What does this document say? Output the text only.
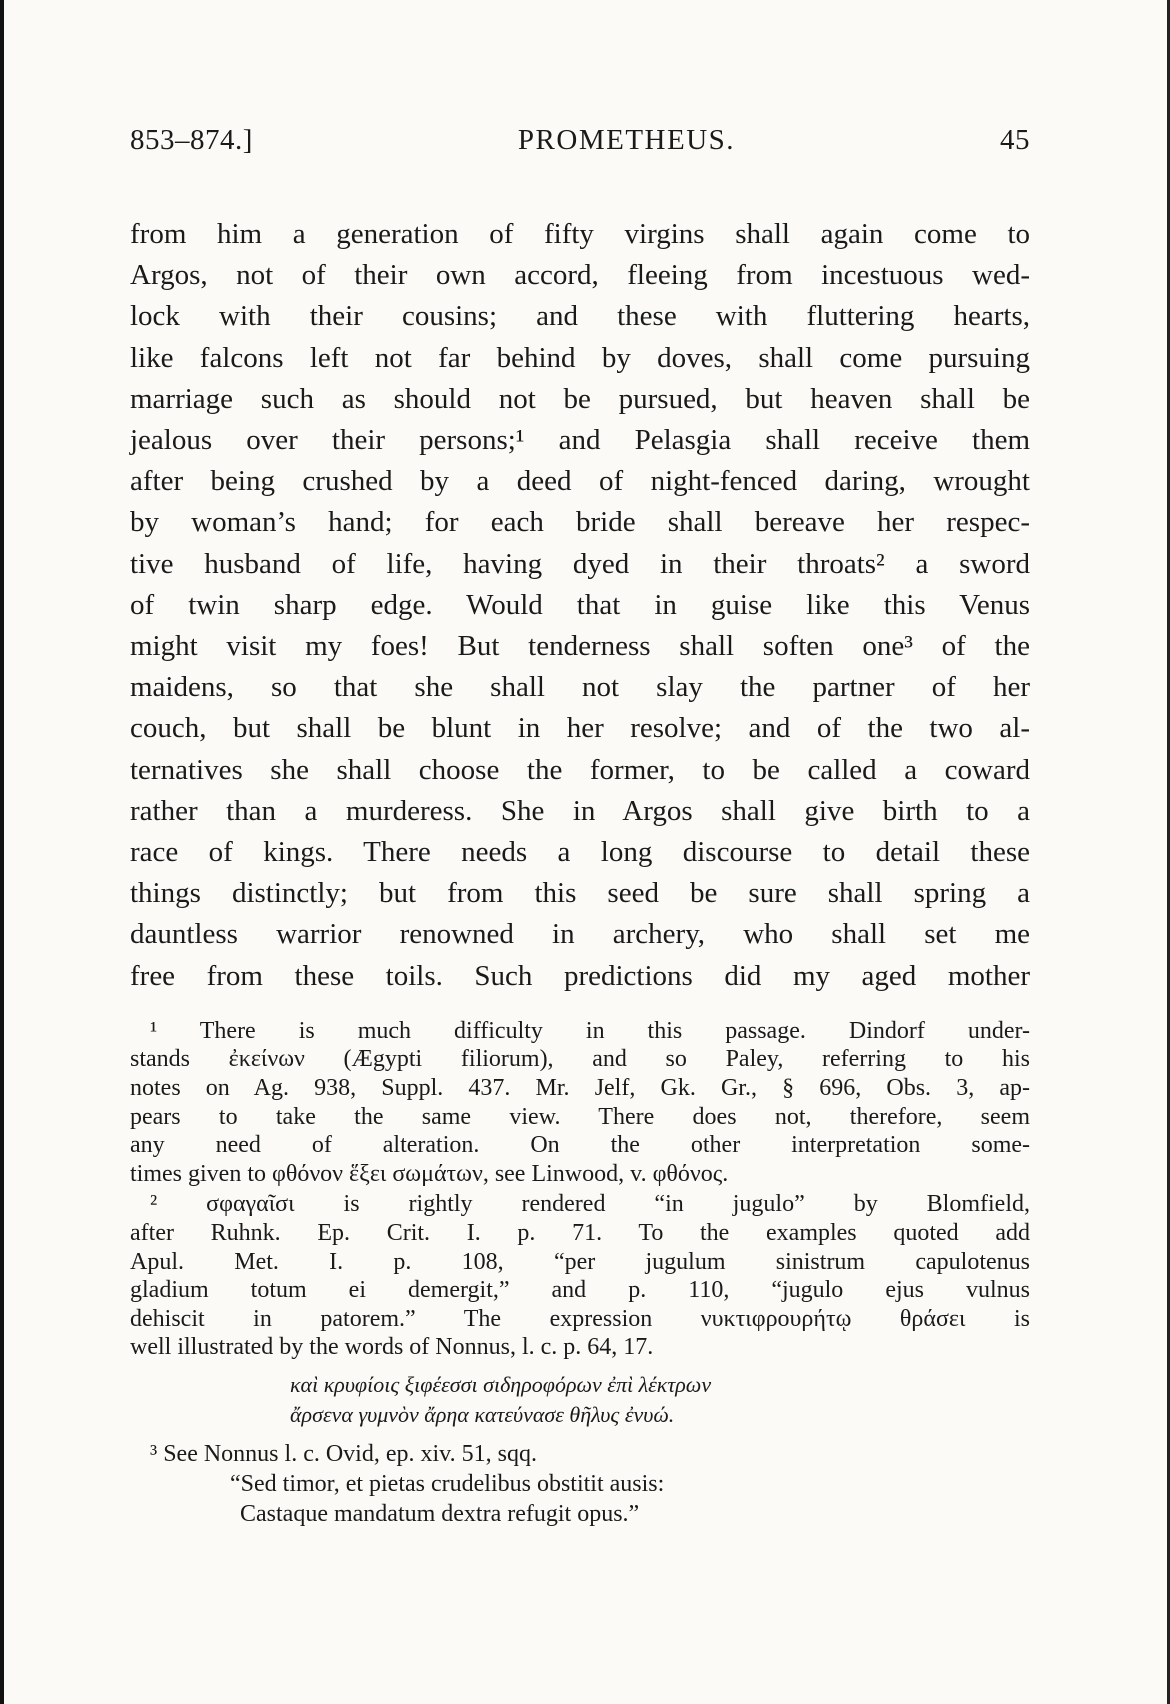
853–874.]	PROMETHEUS.	45
from him a generation of fifty virgins shall again come to
Argos, not of their own accord, fleeing from incestuous wed-
lock with their cousins; and these with fluttering hearts,
like falcons left not far behind by doves, shall come pursuing
marriage such as should not be pursued, but heaven shall be
jealous over their persons;¹ and Pelasgia shall receive them
after being crushed by a deed of night-fenced daring, wrought
by woman’s hand; for each bride shall bereave her respec-
tive husband of life, having dyed in their throats² a sword
of twin sharp edge. Would that in guise like this Venus
might visit my foes! But tenderness shall soften one³ of the
maidens, so that she shall not slay the partner of her
couch, but shall be blunt in her resolve; and of the two al-
ternatives she shall choose the former, to be called a coward
rather than a murderess. She in Argos shall give birth to a
race of kings. There needs a long discourse to detail these
things distinctly; but from this seed be sure shall spring a
dauntless warrior renowned in archery, who shall set me
free from these toils. Such predictions did my aged mother
¹ There is much difficulty in this passage. Dindorf under-
stands ἐκείνων (Ægypti filiorum), and so Paley, referring to his
notes on Ag. 938, Suppl. 437. Mr. Jelf, Gk. Gr., § 696, Obs. 3, ap-
pears to take the same view. There does not, therefore, seem
any need of alteration. On the other interpretation some-
times given to φθόνον ἕξει σωμάτων, see Linwood, v. φθόνος.
² σφαγαῖσι is rightly rendered “in jugulo” by Blomfield,
after Ruhnk. Ep. Crit. I. p. 71. To the examples quoted add
Apul. Met. I. p. 108, “per jugulum sinistrum capulotenus
gladium totum ei demergit,” and p. 110, “jugulo ejus vulnus
dehiscit in patorem.” The expression νυκτιφρουρήτῳ θράσει is
well illustrated by the words of Nonnus, l. c. p. 64, 17.
καὶ κρυφίοις ξιφέεσσι σιδηροφόρων ἐπὶ λέκτρων
ἄρσενα γυμνὸν ἄρηα κατεύνασε θῆλυς ἐνυώ.
³ See Nonnus l. c. Ovid, ep. xiv. 51, sqq.
“Sed timor, et pietas crudelibus obstitit ausis:
Castaque mandatum dextra refugit opus.”
